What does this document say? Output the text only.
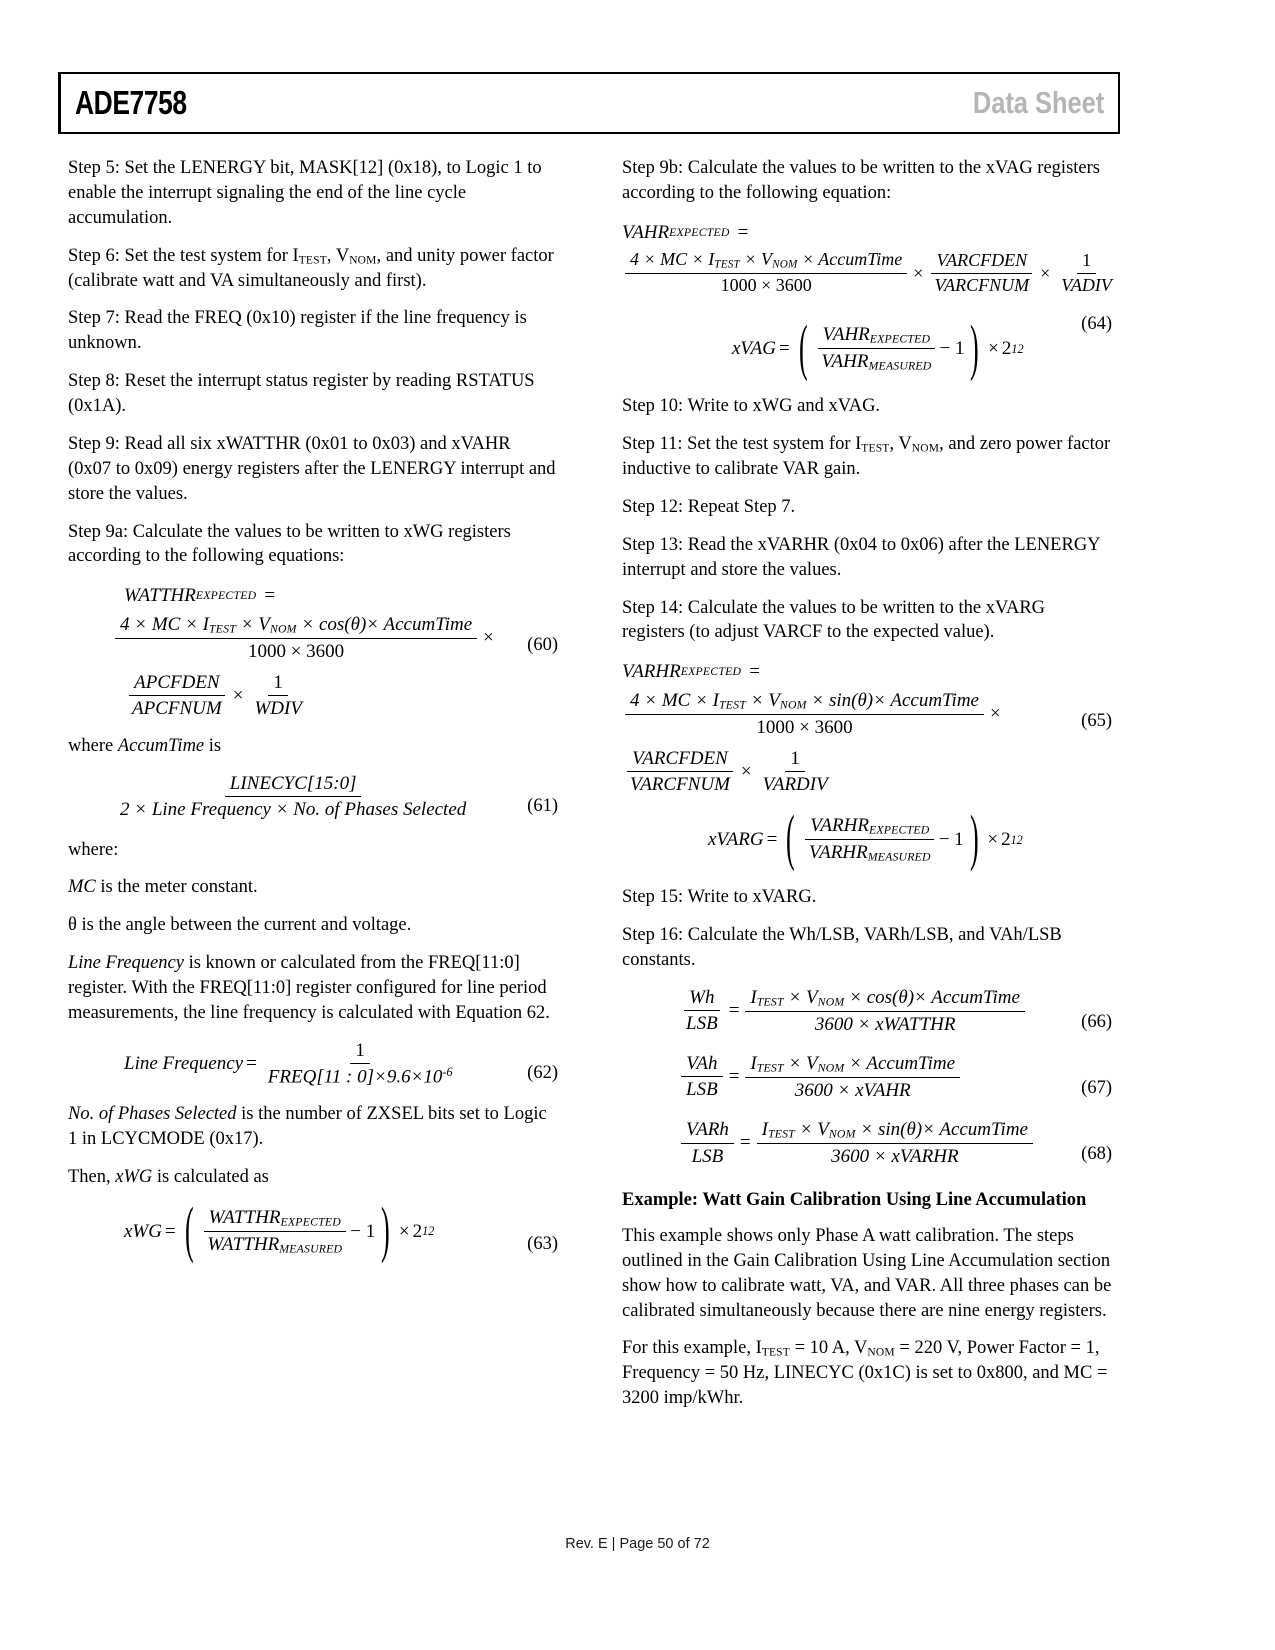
ADE7758	Data Sheet

Step 5: Set the LENERGY bit, MASK[12] (0x18), to Logic 1 to enable the interrupt signaling the end of the line cycle accumulation.

Step 6: Set the test system for $I_{TEST}$, $V_{NOM}$, and unity power factor (calibrate watt and VA simultaneously and first).

Step 7: Read the FREQ (0x10) register if the line frequency is unknown.

Step 8: Reset the interrupt status register by reading RSTATUS (0x1A).

Step 9: Read all six xWATTHR (0x01 to 0x03) and xVAHR (0x07 to 0x09) energy registers after the LENERGY interrupt and store the values.

Step 9a: Calculate the values to be written to xWG registers according to the following equations:

(60)
WATTHR EXPECTED =
$\frac{4 \times MC \times I_{TEST} \times V_{NOM} \times \cos(\theta)\times AccumTime}{1000 \times 3600}$ ×
$\frac{\text{APCFDEN}}{\text{APCFNUM}} \times \frac{1}{\text{WDIV}}$

where AccumTime is

(61)
$\frac{\text{LINECYC[15:0]}}{\text{2 × Line Frequency × No. of Phases Selected}}$

where:

MC is the meter constant.

θ is the angle between the current and voltage.

Line Frequency is known or calculated from the FREQ[11:0] register. With the FREQ[11:0] register configured for line period measurements, the line frequency is calculated with Equation 62.

(62)
Line Frequency = $\frac{1}{FREQ[11 : 0]\times 9.6\times 10^{-6}}$

No. of Phases Selected is the number of ZXSEL bits set to Logic 1 in LCYCMODE (0x17).

Then, xWG is calculated as

(63)
xWG = ( $\frac{WATTHR_{EXPECTED}}{WATTHR_{MEASURED}} - 1$ ) × 2 12

Step 9b: Calculate the values to be written to the xVAG registers according to the following equation:

(64)
VAHR EXPECTED =
$\frac{4 \times MC \times I_{TEST} \times V_{NOM} \times AccumTime}{1000 \times 3600} \times \frac{\text{VARCFDEN}}{\text{VARCFNUM}} \times \frac{1}{\text{VADIV}}$
xVAG = ( $\frac{VAHR_{EXPECTED}}{VAHR_{MEASURED}} - 1$ ) × 2 12

Step 10: Write to xWG and xVAG.

Step 11: Set the test system for $I_{TEST}$, $V_{NOM}$, and zero power factor inductive to calibrate VAR gain.

Step 12: Repeat Step 7.

Step 13: Read the xVARHR (0x04 to 0x06) after the LENERGY interrupt and store the values.

Step 14: Calculate the values to be written to the xVARG registers (to adjust VARCF to the expected value).

(65)
VARHR EXPECTED =
$\frac{4 \times MC \times I_{TEST} \times V_{NOM} \times \sin(\theta)\times AccumTime}{1000 \times 3600}$ ×
$\frac{\text{VARCFDEN}}{\text{VARCFNUM}} \times \frac{1}{\text{VARDIV}}$
xVARG = ( $\frac{VARHR_{EXPECTED}}{VARHR_{MEASURED}} - 1$ ) × 2 12

Step 15: Write to xVARG.

Step 16: Calculate the Wh/LSB, VARh/LSB, and VAh/LSB constants.

(66)
$\frac{Wh}{\text{LSB}} = \frac{I_{TEST} \times V_{NOM} \times \cos(\theta)\times AccumTime}{\text{3600 × xWATTHR}}$
(67)
$\frac{\text{VAh}}{\text{LSB}} = \frac{I_{TEST} \times V_{NOM} \times AccumTime}{\text{3600 × xVAHR}}$
(68)
$\frac{\text{VARh}}{\text{LSB}} = \frac{I_{TEST} \times V_{NOM} \times \sin(\theta)\times AccumTime}{\text{3600 × xVARHR}}$
Example: Watt Gain Calibration Using Line Accumulation

This example shows only Phase A watt calibration. The steps outlined in the Gain Calibration Using Line Accumulation section show how to calibrate watt, VA, and VAR. All three phases can be calibrated simultaneously because there are nine energy registers.

For this example, $I_{TEST} = 10$ A, $V_{NOM} = 220$ V, Power Factor = 1, Frequency = 50 Hz, LINECYC (0x1C) is set to 0x800, and MC = 3200 imp/kWhr.

Rev. E | Page 50 of 72
